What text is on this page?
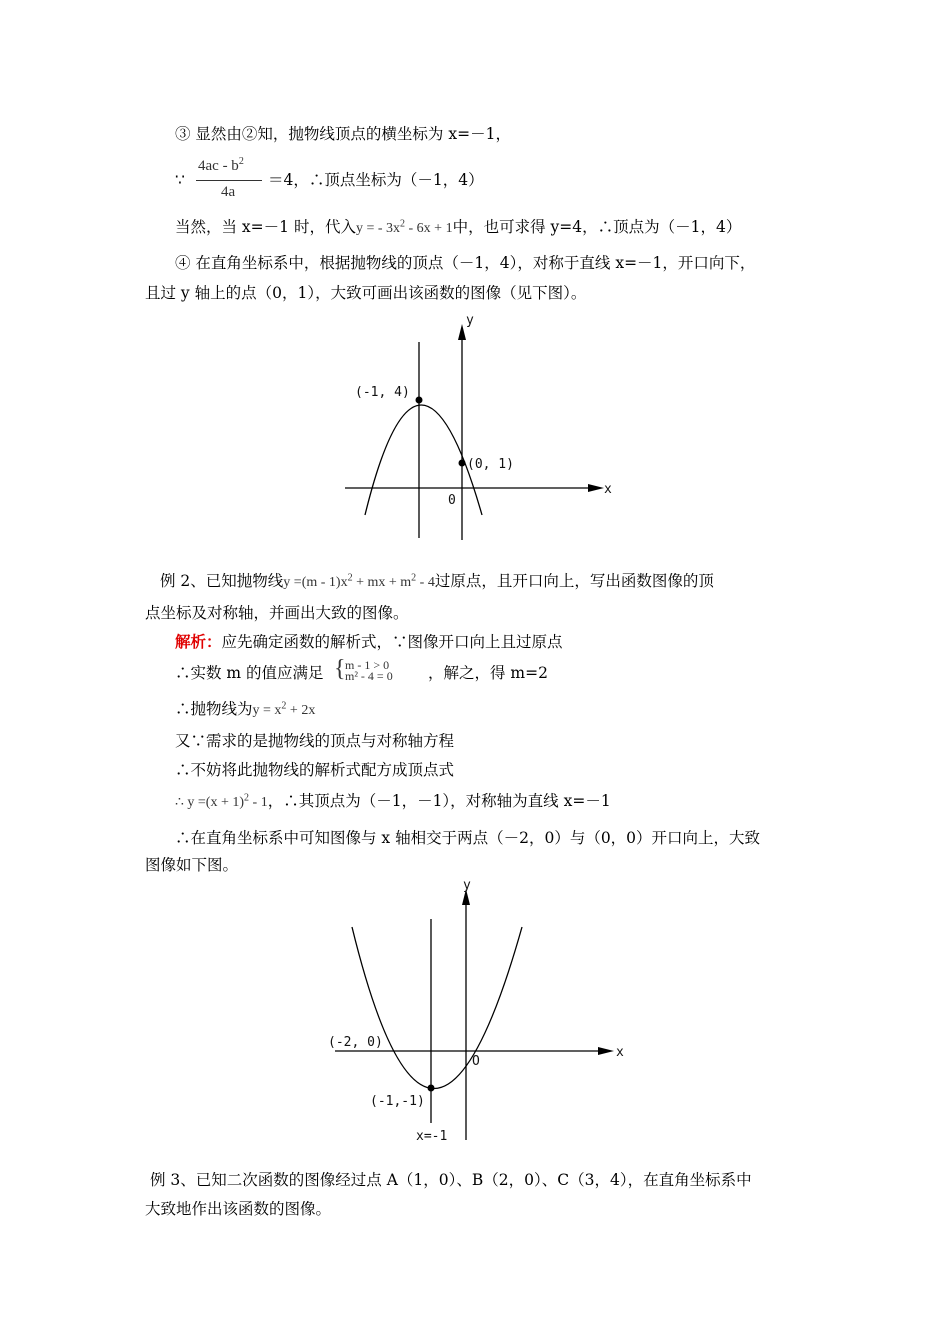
③ 显然由②知，抛物线顶点的横坐标为 x=－1，
∵
$4ac - b^2$
4a
＝4，∴顶点坐标为（－1，4）
当然，当 x=－1 时，代入y = - $3x^2 - 6x + 1$中，也可求得 y=4，∴顶点为（－1，4）
④ 在直角坐标系中，根据抛物线的顶点（－1，4），对称于直线 x=－1，开口向下，
且过 y 轴上的点（0，1），大致可画出该函数的图像（见下图）。
y
x
0
(-1, 4)
(0, 1)
例 2、已知抛物线$y =(m - 1)x^2$ + mx + $m^2 - 4$过原点，且开口向上，写出函数图像的顶
点坐标及对称轴，并画出大致的图像。
解析：应先确定函数的解析式，∵图像开口向上且过原点
∴实数 m 的值应满足 { m - 1 > 0
m² - 4 = 0 ，解之，得 m=2
∴抛物线为$y = x^2 + 2x$
又∵需求的是抛物线的顶点与对称轴方程
∴不妨将此抛物线的解析式配方成顶点式
∴ $y =(x + 1)^2 - 1$，∴其顶点为（－1，－1），对称轴为直线 x=－1
∴在直角坐标系中可知图像与 x 轴相交于两点（－2，0）与（0，0）开口向上，大致
图像如下图。
y
x
O
(-2, 0)
(-1,-1)
x=-1
例 3、已知二次函数的图像经过点 A（1，0）、B（2，0）、C（3，4），在直角坐标系中
大致地作出该函数的图像。
